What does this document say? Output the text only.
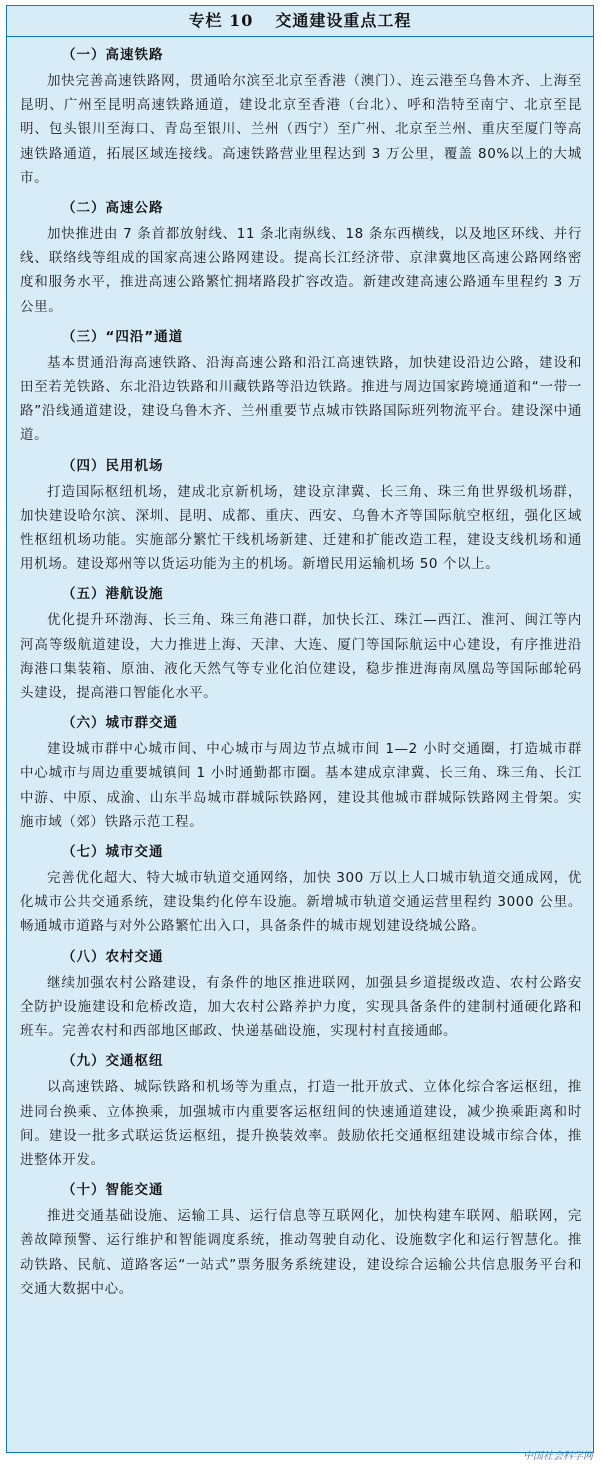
专栏 10 交通建设重点工程
（一）高速铁路

加快完善高速铁路网，贯通哈尔滨至北京至香港（澳门）、连云港至乌鲁木齐、上海至昆明、广州至昆明高速铁路通道，建设北京至香港（台北）、呼和浩特至南宁、北京至昆明、包头银川至海口、青岛至银川、兰州（西宁）至广州、北京至兰州、重庆至厦门等高速铁路通道，拓展区域连接线。高速铁路营业里程达到 3 万公里，覆盖 80%以上的大城市。

（二）高速公路

加快推进由 7 条首都放射线、11 条北南纵线、18 条东西横线，以及地区环线、并行线、联络线等组成的国家高速公路网建设。提高长江经济带、京津冀地区高速公路网络密度和服务水平，推进高速公路繁忙拥堵路段扩容改造。新建改建高速公路通车里程约 3 万公里。

（三）“四沿”通道

基本贯通沿海高速铁路、沿海高速公路和沿江高速铁路，加快建设沿边公路，建设和田至若羌铁路、东北沿边铁路和川藏铁路等沿边铁路。推进与周边国家跨境通道和“一带一路”沿线通道建设，建设乌鲁木齐、兰州重要节点城市铁路国际班列物流平台。建设深中通道。

（四）民用机场

打造国际枢纽机场，建成北京新机场，建设京津冀、长三角、珠三角世界级机场群，加快建设哈尔滨、深圳、昆明、成都、重庆、西安、乌鲁木齐等国际航空枢纽，强化区域性枢纽机场功能。实施部分繁忙干线机场新建、迁建和扩能改造工程，建设支线机场和通用机场。建设郑州等以货运功能为主的机场。新增民用运输机场 50 个以上。

（五）港航设施

优化提升环渤海、长三角、珠三角港口群，加快长江、珠江—西江、淮河、闽江等内河高等级航道建设，大力推进上海、天津、大连、厦门等国际航运中心建设，有序推进沿海港口集装箱、原油、液化天然气等专业化泊位建设，稳步推进海南凤凰岛等国际邮轮码头建设，提高港口智能化水平。

（六）城市群交通

建设城市群中心城市间、中心城市与周边节点城市间 1—2 小时交通圈，打造城市群中心城市与周边重要城镇间 1 小时通勤都市圈。基本建成京津冀、长三角、珠三角、长江中游、中原、成渝、山东半岛城市群城际铁路网，建设其他城市群城际铁路网主骨架。实施市域（郊）铁路示范工程。

（七）城市交通

完善优化超大、特大城市轨道交通网络，加快 300 万以上人口城市轨道交通成网，优化城市公共交通系统，建设集约化停车设施。新增城市轨道交通运营里程约 3000 公里。畅通城市道路与对外公路繁忙出入口，具备条件的城市规划建设绕城公路。

（八）农村交通

继续加强农村公路建设，有条件的地区推进联网，加强县乡道提级改造、农村公路安全防护设施建设和危桥改造，加大农村公路养护力度，实现具备条件的建制村通硬化路和班车。完善农村和西部地区邮政、快递基础设施，实现村村直接通邮。

（九）交通枢纽

以高速铁路、城际铁路和机场等为重点，打造一批开放式、立体化综合客运枢纽，推进同台换乘、立体换乘，加强城市内重要客运枢纽间的快速通道建设，减少换乘距离和时间。建设一批多式联运货运枢纽，提升换装效率。鼓励依托交通枢纽建设城市综合体，推进整体开发。

（十）智能交通

推进交通基础设施、运输工具、运行信息等互联网化，加快构建车联网、船联网，完善故障预警、运行维护和智能调度系统，推动驾驶自动化、设施数字化和运行智慧化。推动铁路、民航、道路客运“一站式”票务服务系统建设，建设综合运输公共信息服务平台和交通大数据中心。

中国社会科学网
